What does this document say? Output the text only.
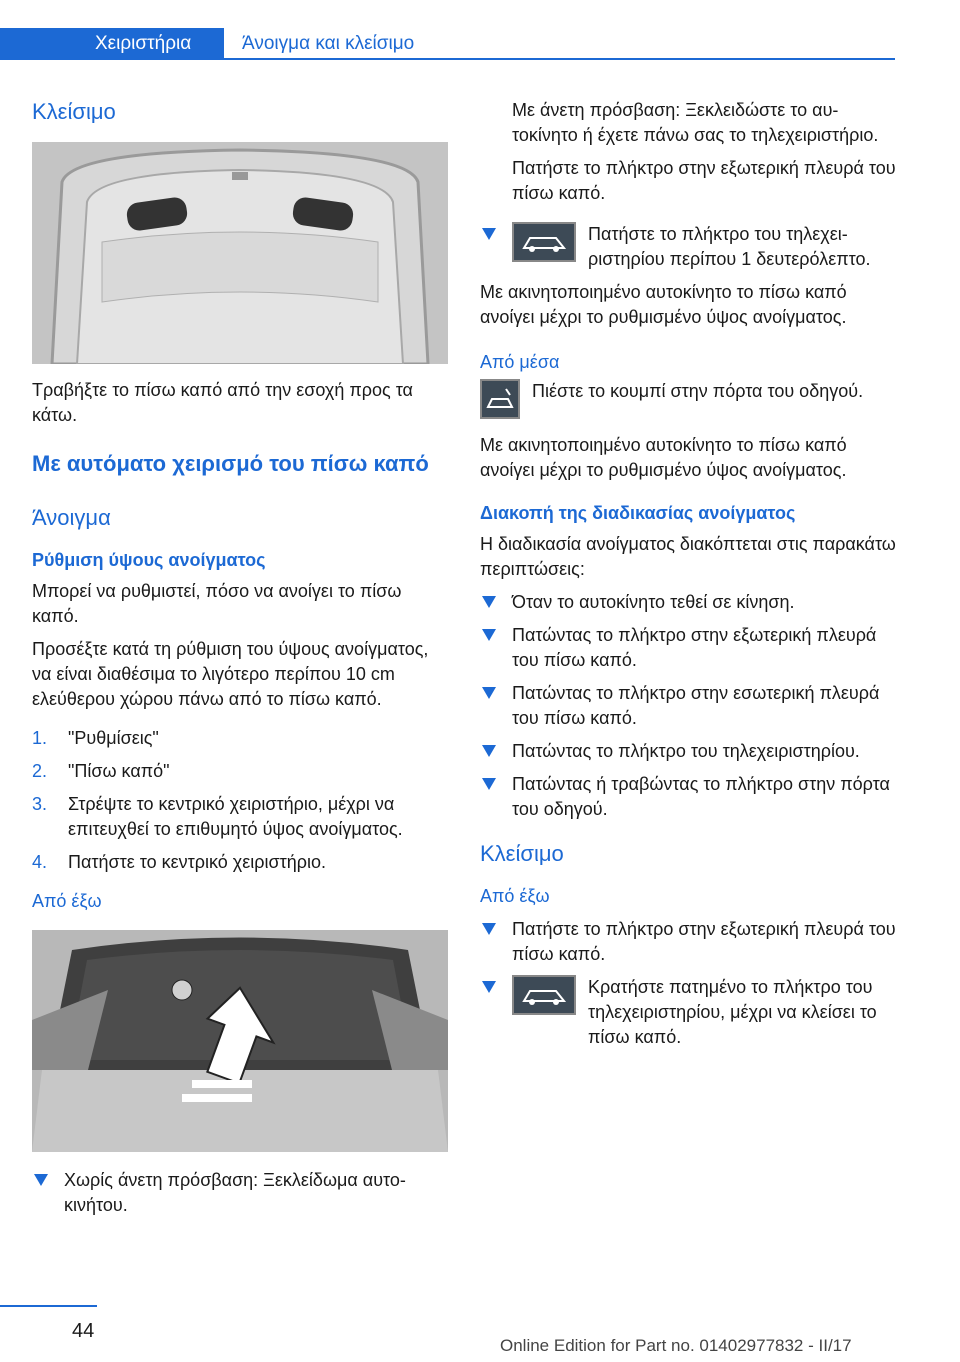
Χειριστήρια	Άνοιγμα και κλείσιμο
Κλείσιμο

Τραβήξτε το πίσω καπό από την εσοχή προς τα κάτω.

Με αυτόματο χειρισμό του πίσω καπό
Άνοιγμα
Ρύθμιση ύψους ανοίγματος

Μπορεί να ρυθμιστεί, πόσο να ανοίγει το πίσω καπό.

Προσέξτε κατά τη ρύθμιση του ύψους ανοίγματος, να είναι διαθέσιμα το λιγότερο περίπου 10 cm ελεύθερου χώρου πάνω από το πίσω καπό.

1. "Ρυθμίσεις"
2. "Πίσω καπό"
3. Στρέψτε το κεντρικό χειριστήριο, μέχρι να επιτευχθεί το επιθυμητό ύψος ανοίγματος.
4. Πατήστε το κεντρικό χειριστήριο.
Από έξω
Χωρίς άνετη πρόσβαση: Ξεκλείδωμα αυτοκινήτου.

Με άνετη πρόσβαση: Ξεκλειδώστε το αυτοκίνητο ή έχετε πάνω σας το τηλεχειριστήριο.

Πατήστε το πλήκτρο στην εξωτερική πλευρά του πίσω καπό.

Πατήστε το πλήκτρο του τηλεχειριστηρίου περίπου 1 δευτερόλεπτο.

Με ακινητοποιημένο αυτοκίνητο το πίσω καπό ανοίγει μέχρι το ρυθμισμένο ύψος ανοίγματος.

Από μέσα

Πιέστε το κουμπί στην πόρτα του οδηγού.

Με ακινητοποιημένο αυτοκίνητο το πίσω καπό ανοίγει μέχρι το ρυθμισμένο ύψος ανοίγματος.

Διακοπή της διαδικασίας ανοίγματος

Η διαδικασία ανοίγματος διακόπτεται στις παρακάτω περιπτώσεις:

Όταν το αυτοκίνητο τεθεί σε κίνηση.
Πατώντας το πλήκτρο στην εξωτερική πλευρά του πίσω καπό.
Πατώντας το πλήκτρο στην εσωτερική πλευρά του πίσω καπό.
Πατώντας το πλήκτρο του τηλεχειριστηρίου.
Πατώντας ή τραβώντας το πλήκτρο στην πόρτα του οδηγού.
Κλείσιμο
Από έξω
Πατήστε το πλήκτρο στην εξωτερική πλευρά του πίσω καπό.
Κρατήστε πατημένο το πλήκτρο του τηλεχειριστηρίου, μέχρι να κλείσει το πίσω καπό.
44
Online Edition for Part no. 01402977832 - II/17
